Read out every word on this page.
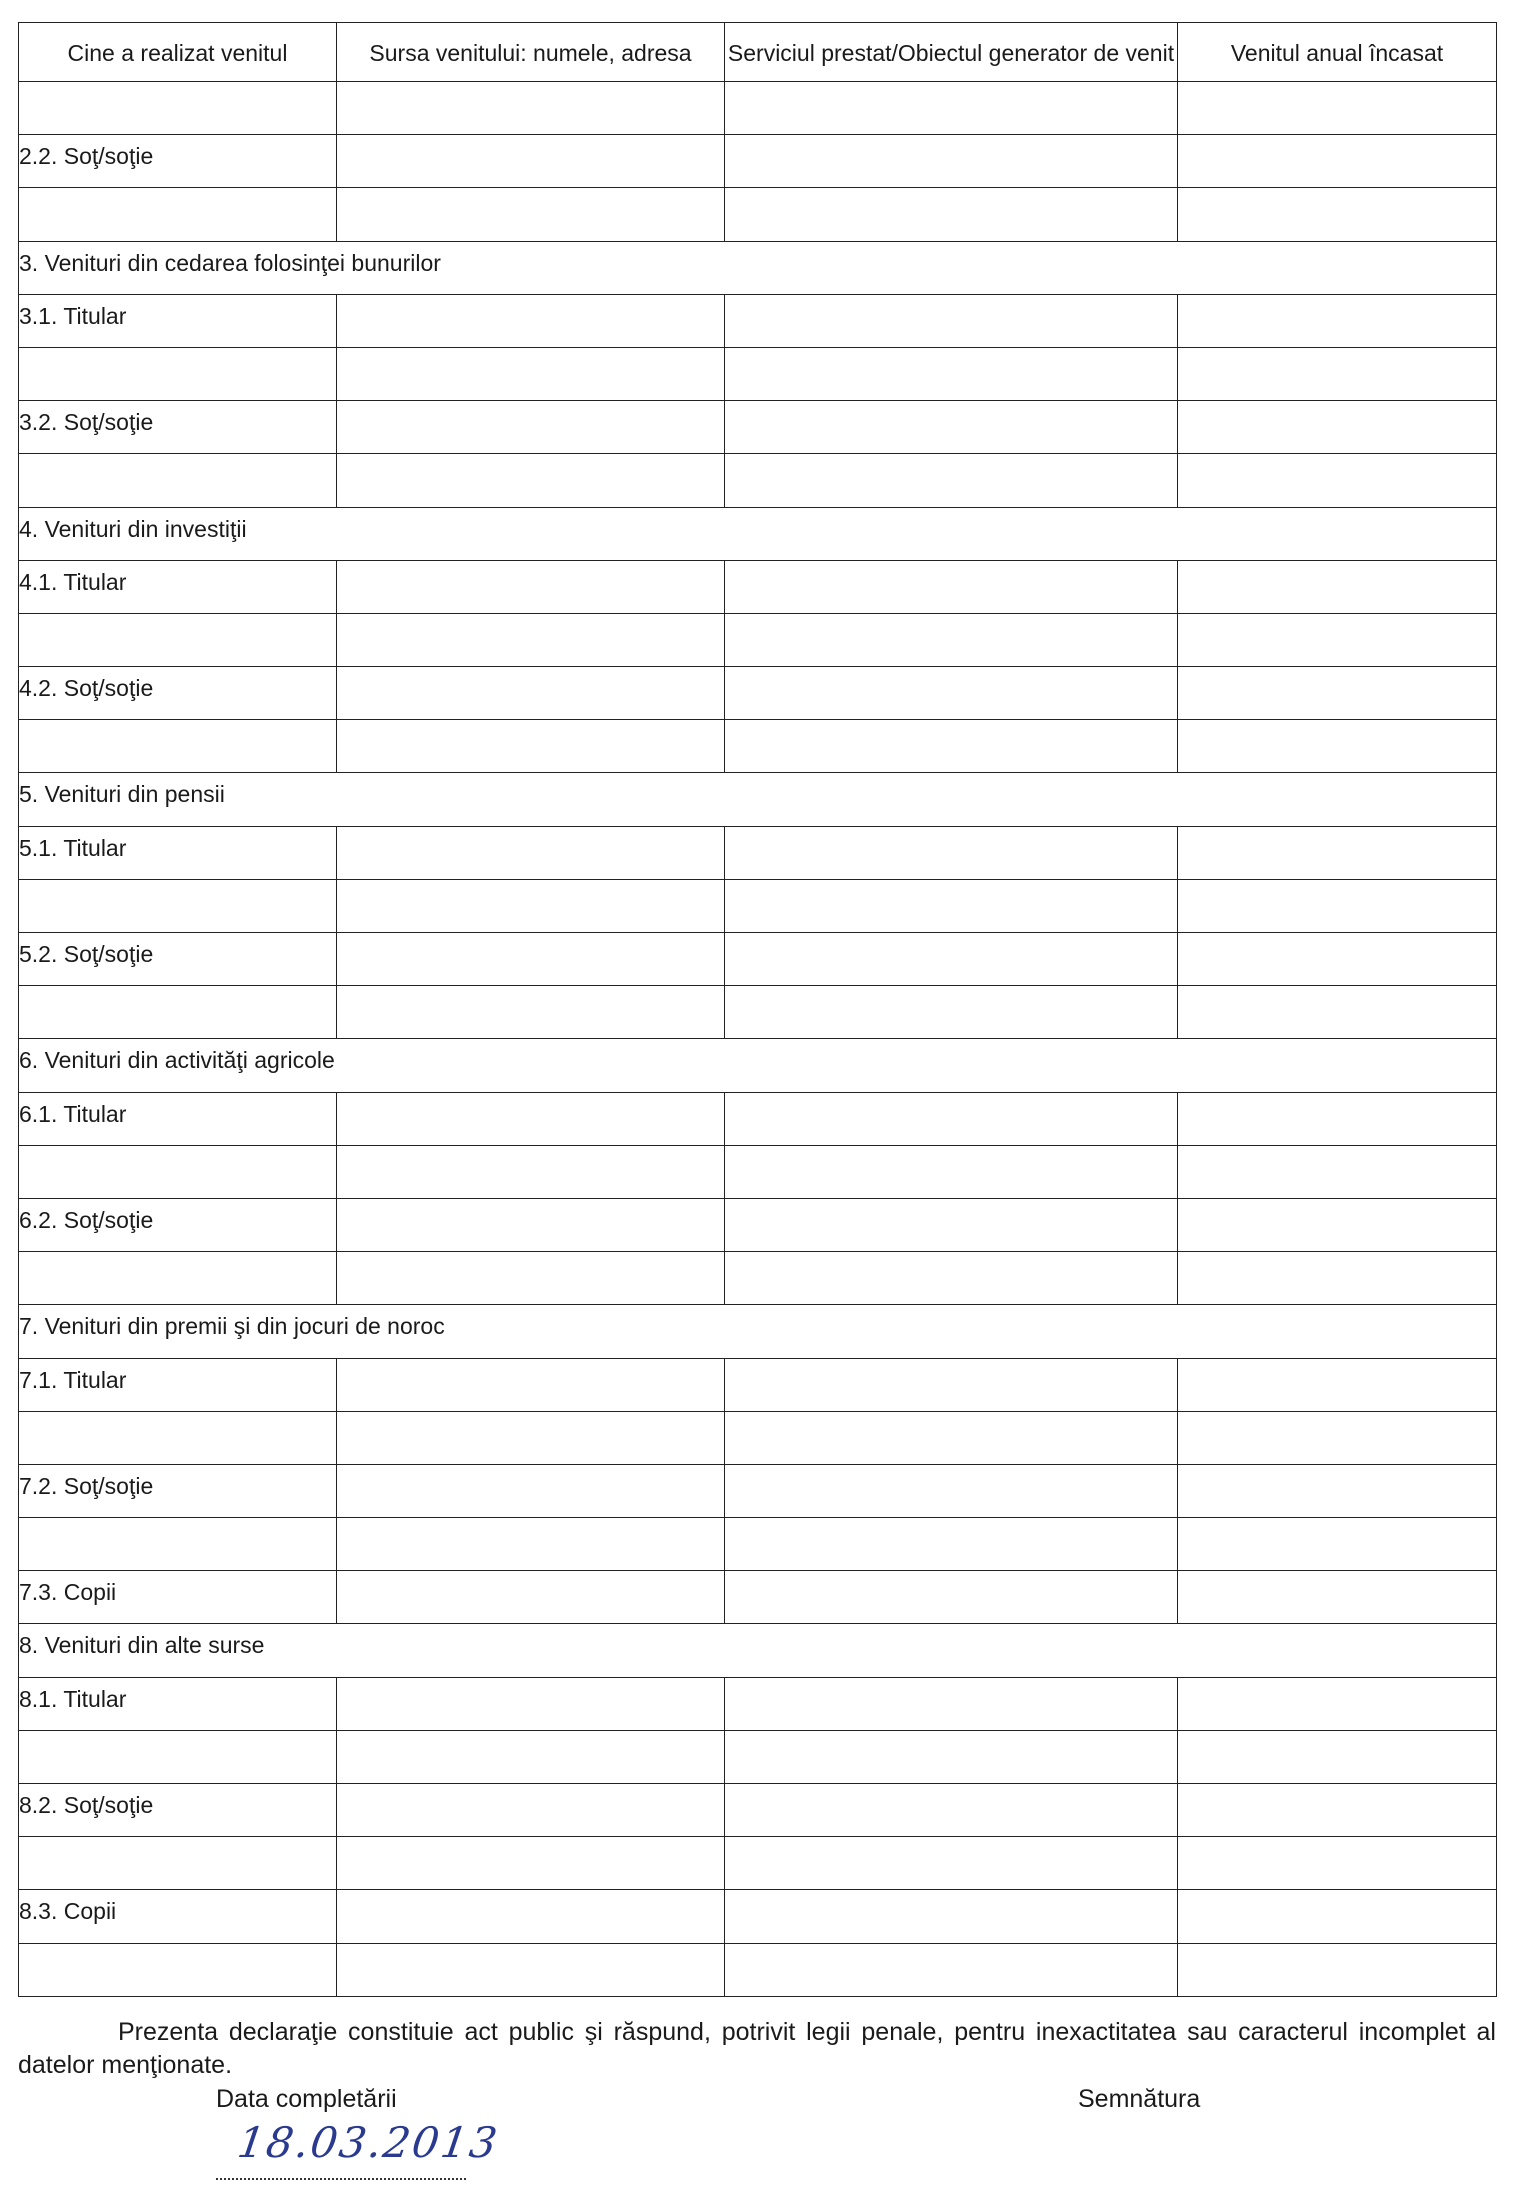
Cine a realizat venitul	Sursa venitului: numele, adresa	Serviciul prestat/Obiectul generator de venit	Venitul anual încasat

2.2. Soţ/soţie			

3. Venituri din cedarea folosinţei bunurilor			

3.1. Titular			

3.2. Soţ/soţie			

4. Venituri din investiţii			

4.1. Titular			

4.2. Soţ/soţie			

5. Venituri din pensii			

5.1. Titular			

5.2. Soţ/soţie			

6. Venituri din activităţi agricole			

6.1. Titular			

6.2. Soţ/soţie			

7. Venituri din premii şi din jocuri de noroc			

7.1. Titular			

7.2. Soţ/soţie			

7.3. Copii			

8. Venituri din alte surse			

8.1. Titular			

8.2. Soţ/soţie			

8.3. Copii			

Prezenta declaraţie constituie act public şi răspund, potrivit legii penale, pentru inexactitatea sau caracterul incomplet al datelor menţionate.
Data completării	Semnătura
18.03.2013
